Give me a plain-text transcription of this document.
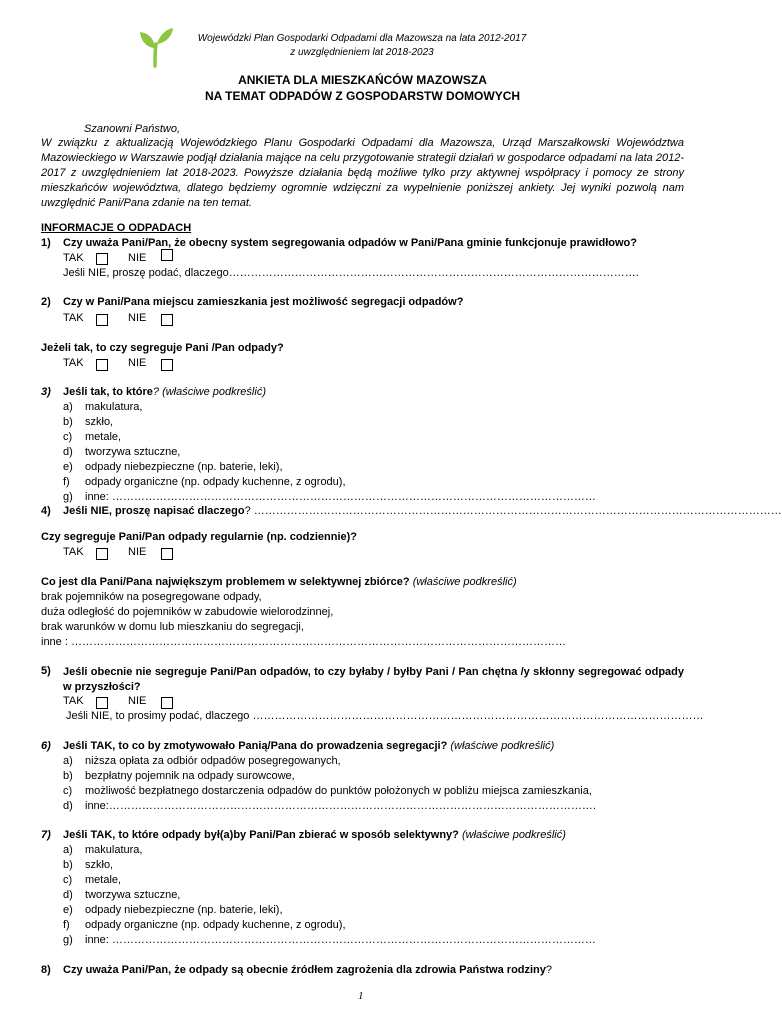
Wojewódzki Plan Gospodarki Odpadami dla Mazowsza na lata 2012-2017
z uwzględnieniem lat 2018-2023
ANKIETA DLA MIESZKAŃCÓW MAZOWSZA
NA TEMAT ODPADÓW Z GOSPODARSTW DOMOWYCH
Szanowni Państwo,
W związku z aktualizacją Wojewódzkiego Planu Gospodarki Odpadami dla Mazowsza, Urząd Marszałkowski Województwa Mazowieckiego w Warszawie podjął działania mające na celu przygotowanie strategii działań w gospodarce odpadami na lata 2012-2017 z uwzględnieniem lat 2018-2023. Powyższe działania będą możliwe tylko przy aktywnej współpracy i pomocy ze strony mieszkańców województwa, dlatego będziemy ogromnie wdzięczni za wypełnienie poniższej ankiety. Jej wyniki pozwolą nam uwzględnić Pani/Pana zdanie na ten temat.
INFORMACJE O ODPADACH
1) Czy uważa Pani/Pan, że obecny system segregowania odpadów w Pani/Pana gminie funkcjonuje prawidłowo?
TAK	NIE
Jeśli NIE, proszę podać, dlaczego………………………………………………………………………………………………….
2) Czy w Pani/Pana miejscu zamieszkania jest możliwość segregacji odpadów?
TAK	NIE
Jeżeli tak, to czy segreguje Pani /Pan odpady?
TAK	NIE
3) Jeśli tak, to które? (właściwe podkreślić)
a) makulatura,
b) szkło,
c) metale,
d) tworzywa sztuczne,
e) odpady niebezpieczne (np. baterie, leki),
f) odpady organiczne (np. odpady kuchenne, z ogrodu),
g) inne: ……………………………………………………………………………………………………………………
4) Jeśli NIE, proszę napisać dlaczego? ………………………………………………………………………………………………………………………………
Czy segreguje Pani/Pan odpady regularnie (np. codziennie)?
TAK	NIE
Co jest dla Pani/Pana największym problemem w selektywnej zbiórce? (właściwe podkreślić)
brak pojemników na posegregowane odpady,
duża odległość do pojemników w zabudowie wielorodzinnej,
brak warunków w domu lub mieszkaniu do segregacji,
inne : ………………………………………………………………………………………………………………………
5) Jeśli obecnie nie segreguje Pani/Pan odpadów, to czy byłaby / byłby Pani / Pan chętna /y skłonny segregować odpady w przyszłości?
TAK	NIE
Jeśli NIE, to prosimy podać, dlaczego ……………………………………………………………………………………………………………
6) Jeśli TAK, to co by zmotywowało Panią/Pana do prowadzenia segregacji? (właściwe podkreślić)
a) niższa opłata za odbiór odpadów posegregowanych,
b) bezpłatny pojemnik na odpady surowcowe,
c) możliwość bezpłatnego dostarczenia odpadów do punktów położonych w pobliżu miejsca zamieszkania,
d) inne:…………………………………………………………………………………………………………………….
7) Jeśli TAK, to które odpady był(a)by Pani/Pan zbierać w sposób selektywny? (właściwe podkreślić)
a) makulatura,
b) szkło,
c) metale,
d) tworzywa sztuczne,
e) odpady niebezpieczne (np. baterie, leki),
f) odpady organiczne (np. odpady kuchenne, z ogrodu),
g) inne: ……………………………………………………………………………………………………………………
8) Czy uważa Pani/Pan, że odpady są obecnie źródłem zagrożenia dla zdrowia Państwa rodziny?
1
